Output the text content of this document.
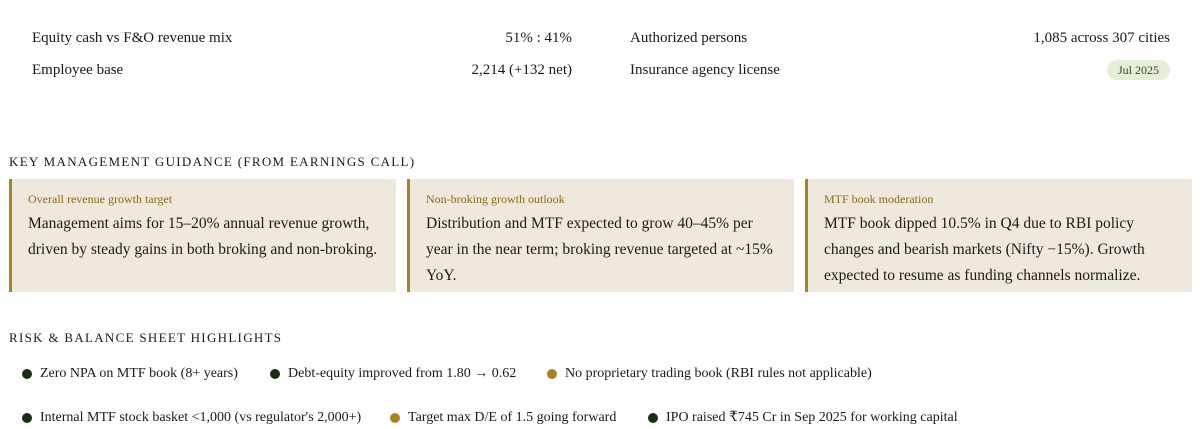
Equity cash vs F&O revenue mix	51% : 41%
Employee base	2,214 (+132 net)
Authorized persons	1,085 across 307 cities
Insurance agency license	Jul 2025
KEY MANAGEMENT GUIDANCE (FROM EARNINGS CALL)
Overall revenue growth target
Management aims for 15–20% annual revenue growth, driven by steady gains in both broking and non-broking.
Non-broking growth outlook
Distribution and MTF expected to grow 40–45% per year in the near term; broking revenue targeted at ~15% YoY.
MTF book moderation
MTF book dipped 10.5% in Q4 due to RBI policy changes and bearish markets (Nifty −15%). Growth expected to resume as funding channels normalize.
RISK & BALANCE SHEET HIGHLIGHTS
Zero NPA on MTF book (8+ years)	Debt-equity improved from 1.80 → 0.62	No proprietary trading book (RBI rules not applicable)
Internal MTF stock basket <1,000 (vs regulator's 2,000+)	Target max D/E of 1.5 going forward	IPO raised ₹745 Cr in Sep 2025 for working capital
